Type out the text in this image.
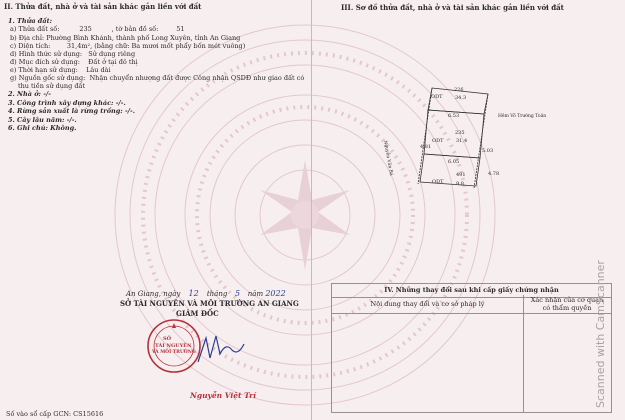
II. Thửa đất, nhà ở và tài sản khác gắn liền với đất
1. Thửa đất:
a) Thửa đất số:	235	, tờ bản đồ số:	51
b) Địa chỉ: Phường Bình Khánh, thành phố Long Xuyên, tỉnh An Giang
c) Diện tích:        31,4m², (bằng chữ: Ba mươi mốt phẩy bốn mét vuông)
d) Hình thức sử dụng:   Sử dụng riêng
đ) Mục đích sử dụng:    Đất ở tại đô thị
e) Thời hạn sử dụng:    Lâu dài
g) Nguồn gốc sử dụng:  Nhận chuyển nhượng đất được Công nhận QSDĐ như giao đất có
thu tiền sử dụng đất
2. Nhà ở: -/-
3. Công trình xây dựng khác: -/-.
4. Rừng sản xuất là rừng trồng: -/-.
5. Cây lâu năm: -/-.
6. Ghi chú: Không.
An Giang, ngày 12 tháng 5 năm 2022
SỞ TÀI NGUYÊN VÀ MÔI TRƯỜNG AN GIANG
GIÁM ĐỐC
SỞ
TÀI NGUYÊN
VÀ MÔI TRƯỜNG
Nguyễn Việt Trí
Số vào sổ cấp GCN: CS15616
III. Sơ đồ thửa đất, nhà ở và tài sản khác gắn liền với đất
226
ODT	34,3
6.53
235
ODT	31,4
4.81
5.03
6.05
491
ODT	9,8
4.78
Hẻm Võ Trường Toản
Nguyễn Văn Bá
IV. Những thay đổi sau khi cấp giấy chứng nhận
Nội dung thay đổi và cơ sở pháp lý	Xác nhận của cơ quan
có thẩm quyền Scanned with CamScanner
